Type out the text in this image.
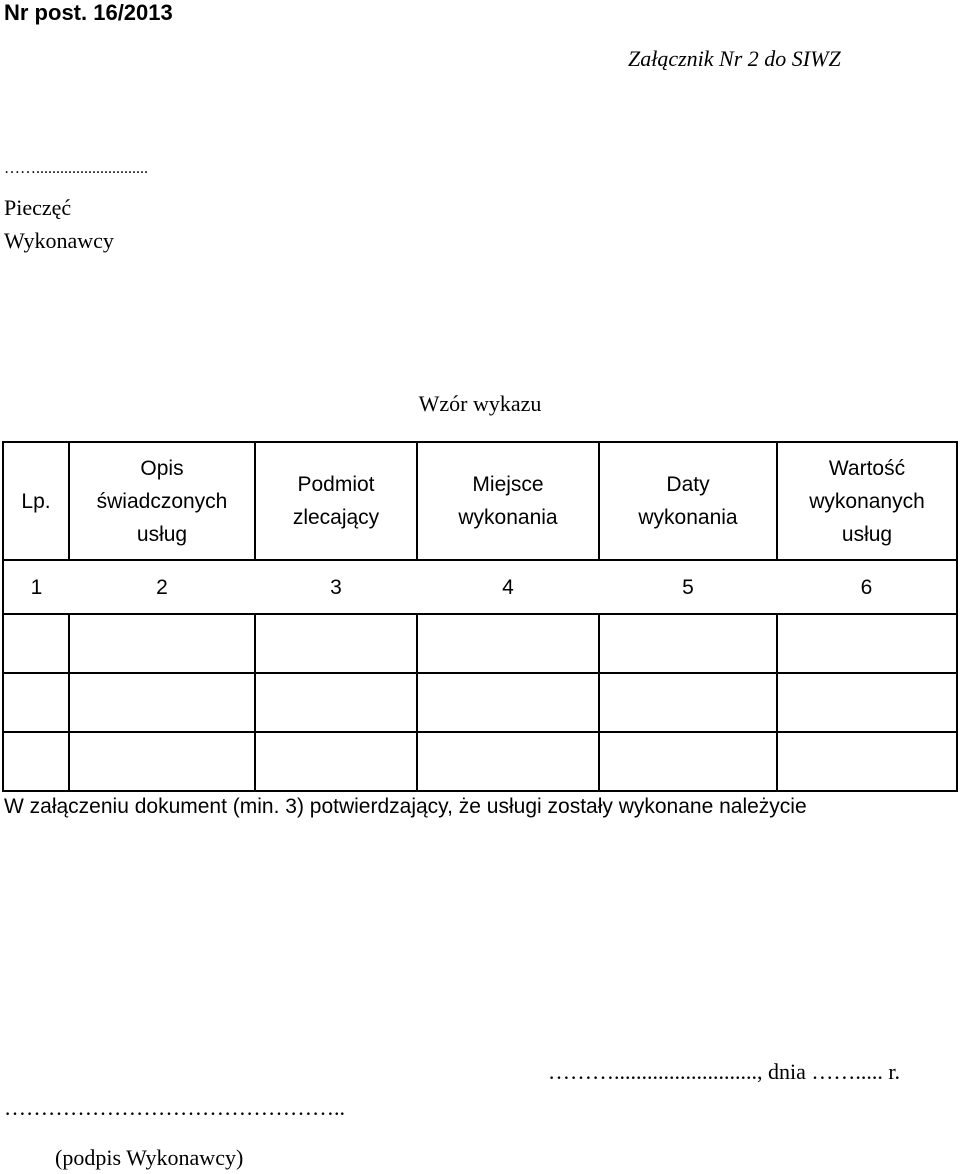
Nr post. 16/2013
Załącznik Nr 2 do SIWZ
……............................
Pieczęć
Wykonawcy
Wzór wykazu
Lp.	Opis świadczonych usług	Podmiot zlecający	Miejsce wykonania	Daty wykonania	Wartość wykonanych usług
1	2	3	4	5	6

W załączeniu dokument (min. 3) potwierdzający, że usługi zostały wykonane należycie
……….........................., dnia ……..... r.
………………………………………..
(podpis Wykonawcy)
